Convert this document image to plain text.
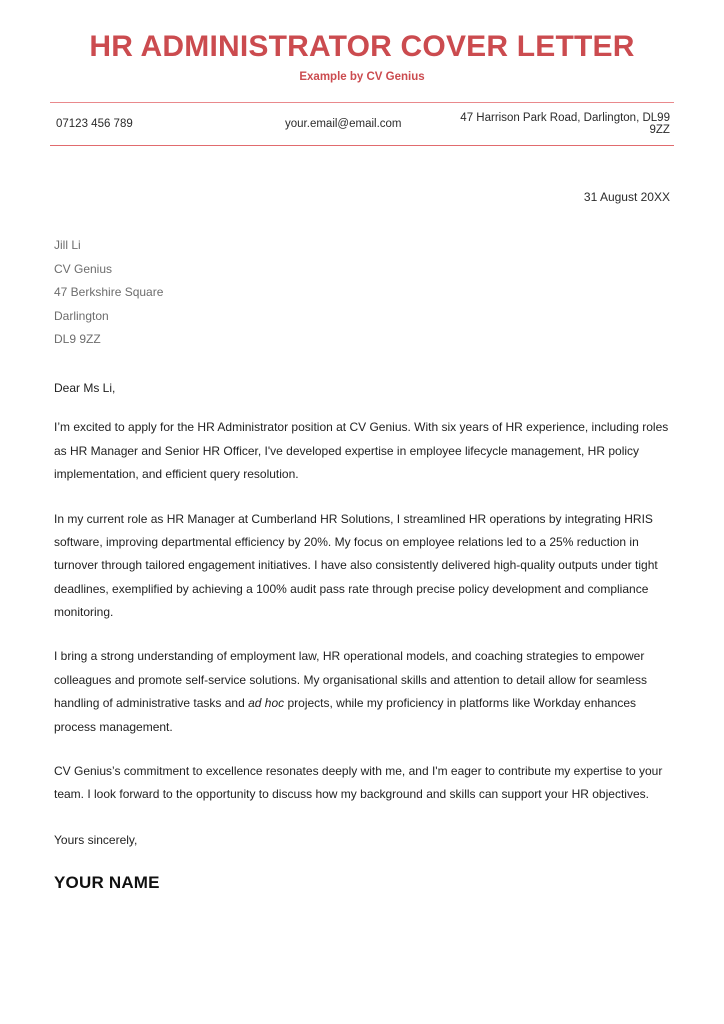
HR ADMINISTRATOR COVER LETTER
Example by CV Genius
07123 456 789	your.email@email.com	47 Harrison Park Road, Darlington, DL99 9ZZ
31 August 20XX
Jill Li
CV Genius
47 Berkshire Square
Darlington
DL9 9ZZ
Dear Ms Li,

I’m excited to apply for the HR Administrator position at CV Genius. With six years of HR experience, including roles as HR Manager and Senior HR Officer, I've developed expertise in employee lifecycle management, HR policy implementation, and efficient query resolution.

In my current role as HR Manager at Cumberland HR Solutions, I streamlined HR operations by integrating HRIS software, improving departmental efficiency by 20%. My focus on employee relations led to a 25% reduction in turnover through tailored engagement initiatives. I have also consistently delivered high-quality outputs under tight deadlines, exemplified by achieving a 100% audit pass rate through precise policy development and compliance monitoring.

I bring a strong understanding of employment law, HR operational models, and coaching strategies to empower colleagues and promote self-service solutions. My organisational skills and attention to detail allow for seamless handling of administrative tasks and ad hoc projects, while my proficiency in platforms like Workday enhances process management.

CV Genius’s commitment to excellence resonates deeply with me, and I'm eager to contribute my expertise to your team. I look forward to the opportunity to discuss how my background and skills can support your HR objectives.

Yours sincerely,
YOUR NAME
